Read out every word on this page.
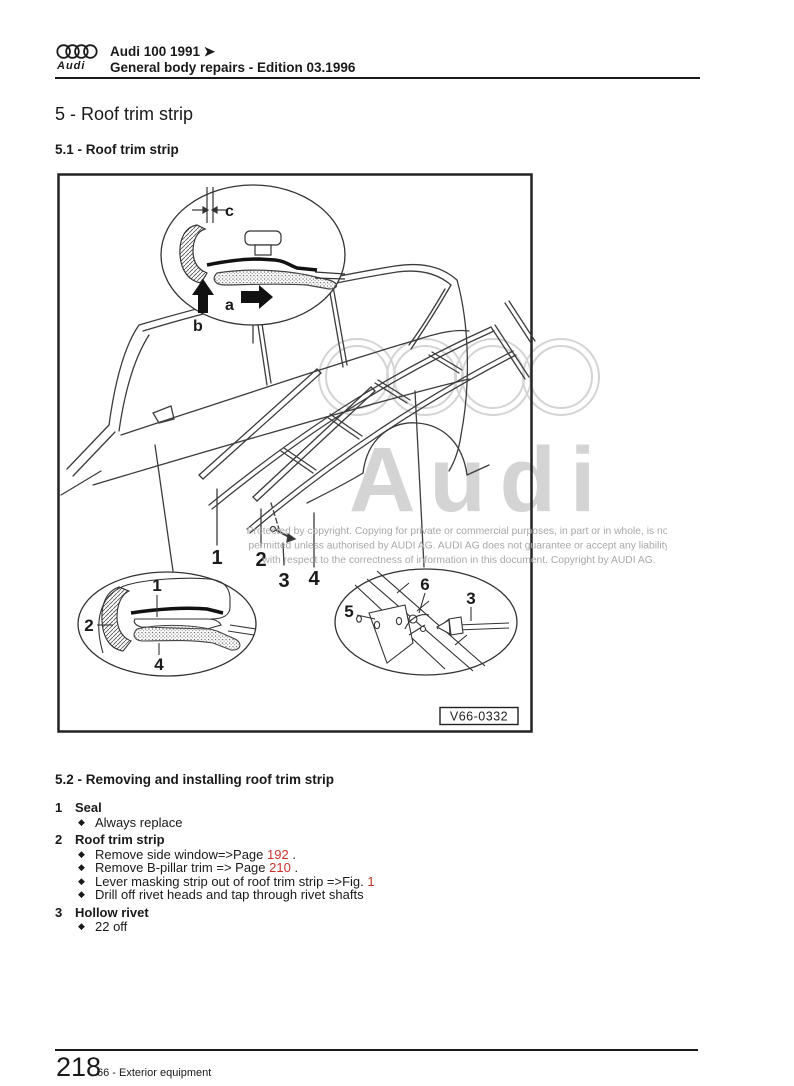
Audi
Audi 100 1991 ➤
General body repairs - Edition 03.1996
5 - Roof trim strip
5.1 - Roof trim strip
Audi
1 2
3 4
c
b
a
1
2
4
5
6
3
V66-0332
Protected by copyright. Copying for private or commercial purposes, in part or in whole, is not
permitted unless authorised by AUDI AG. AUDI AG does not guarantee or accept any liability
with respect to the correctness of information in this document. Copyright by AUDI AG.
5.2 - Removing and installing roof trim strip
1 Seal
◆ Always replace
2 Roof trim strip
◆ Remove side window=>Page 192 .
◆ Remove B-pillar trim => Page 210 .
◆ Lever masking strip out of roof trim strip =>Fig. 1
◆ Drill off rivet heads and tap through rivet shafts
3 Hollow rivet
◆ 22 off
218
66 - Exterior equipment
